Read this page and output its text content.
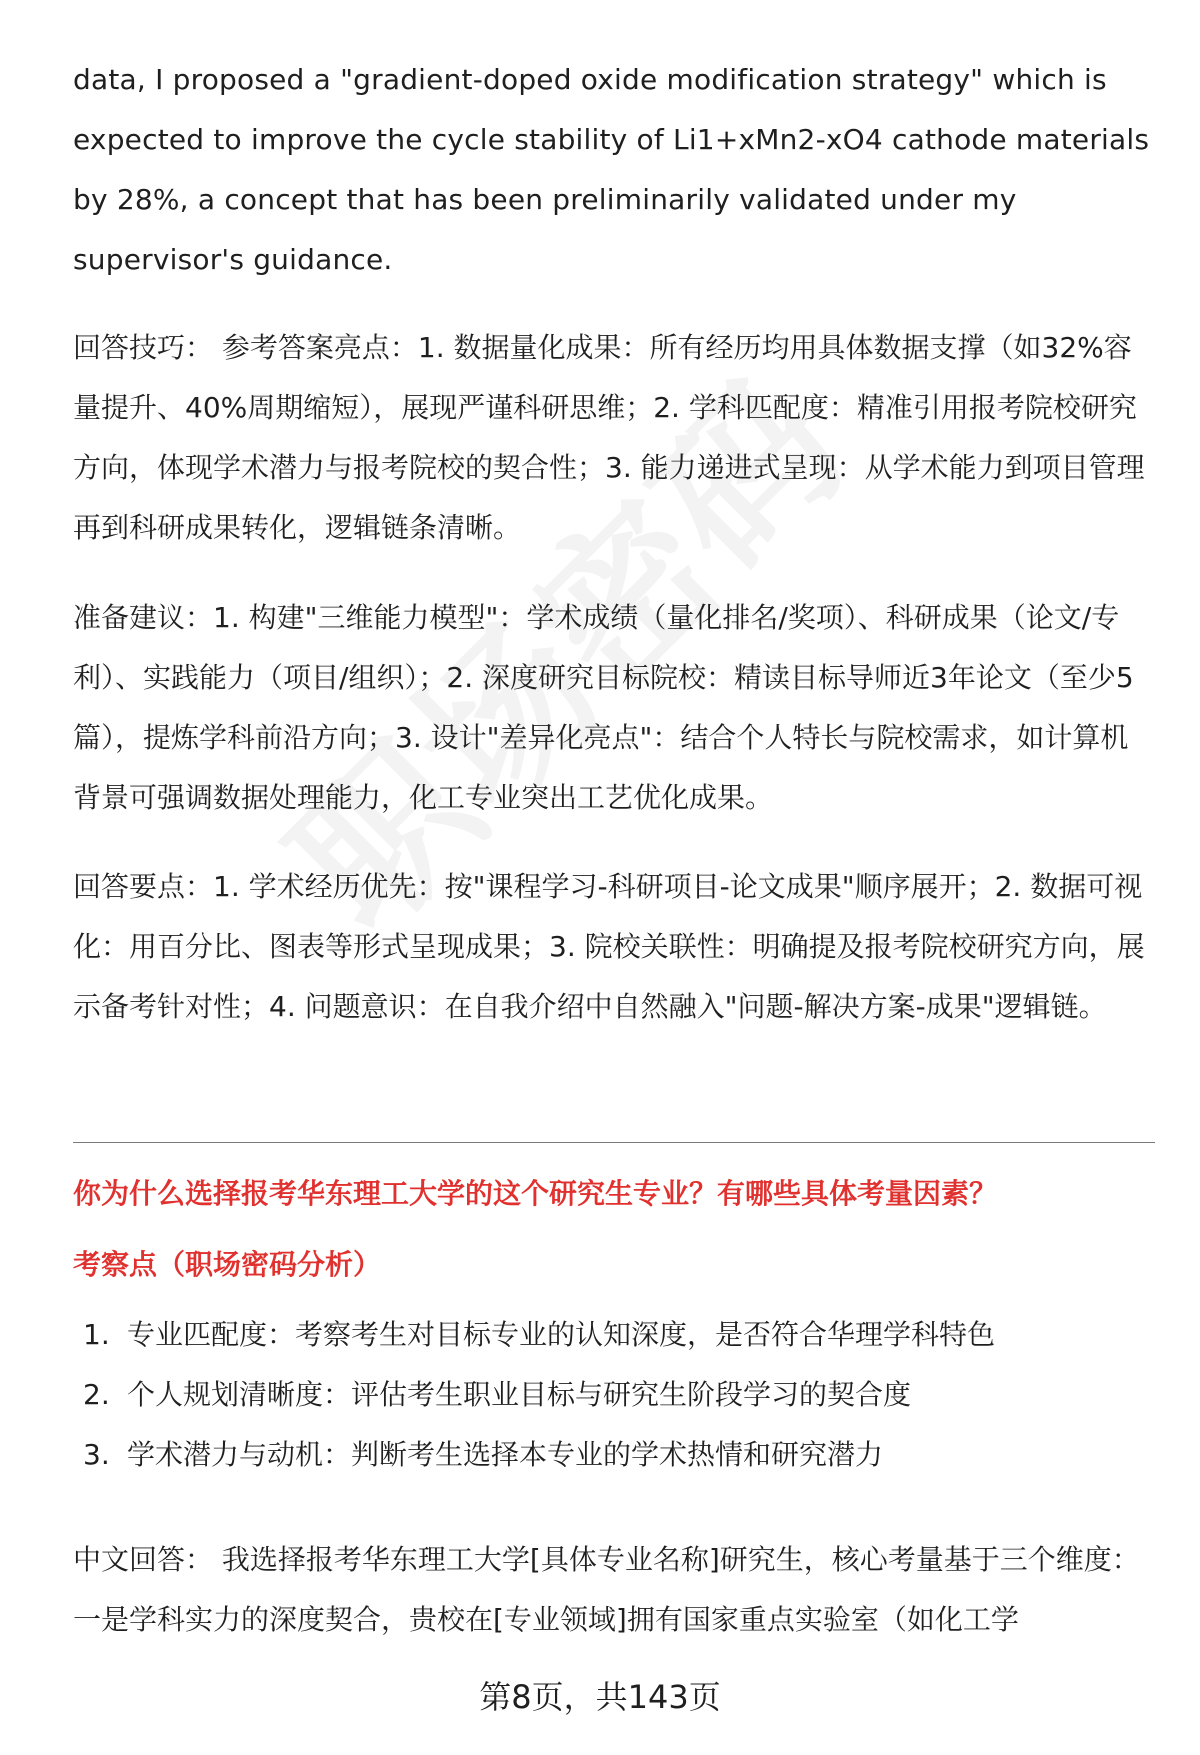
data, I proposed a "gradient-doped oxide modification strategy" which is expected to improve the cycle stability of Li1+xMn2-xO4 cathode materials by 28%, a concept that has been preliminarily validated under my supervisor's guidance.

回答技巧： 参考答案亮点：1. 数据量化成果：所有经历均用具体数据支撑（如32%容量提升、40%周期缩短），展现严谨科研思维；2. 学科匹配度：精准引用报考院校研究方向，体现学术潜力与报考院校的契合性；3. 能力递进式呈现：从学术能力到项目管理再到科研成果转化，逻辑链条清晰。

准备建议：1. 构建"三维能力模型"：学术成绩（量化排名/奖项）、科研成果（论文/专利）、实践能力（项目/组织）；2. 深度研究目标院校：精读目标导师近3年论文（至少5篇），提炼学科前沿方向；3. 设计"差异化亮点"：结合个人特长与院校需求，如计算机背景可强调数据处理能力，化工专业突出工艺优化成果。

回答要点：1. 学术经历优先：按"课程学习-科研项目-论文成果"顺序展开；2. 数据可视化：用百分比、图表等形式呈现成果；3. 院校关联性：明确提及报考院校研究方向，展示备考针对性；4. 问题意识：在自我介绍中自然融入"问题-解决方案-成果"逻辑链。

你为什么选择报考华东理工大学的这个研究生专业？有哪些具体考量因素？
考察点（职场密码分析）
1. 专业匹配度：考察考生对目标专业的认知深度，是否符合华理学科特色
2. 个人规划清晰度：评估考生职业目标与研究生阶段学习的契合度
3. 学术潜力与动机：判断考生选择本专业的学术热情和研究潜力

中文回答： 我选择报考华东理工大学[具体专业名称]研究生，核心考量基于三个维度：一是学科实力的深度契合，贵校在[专业领域]拥有国家重点实验室（如化工学

第8页，共143页
